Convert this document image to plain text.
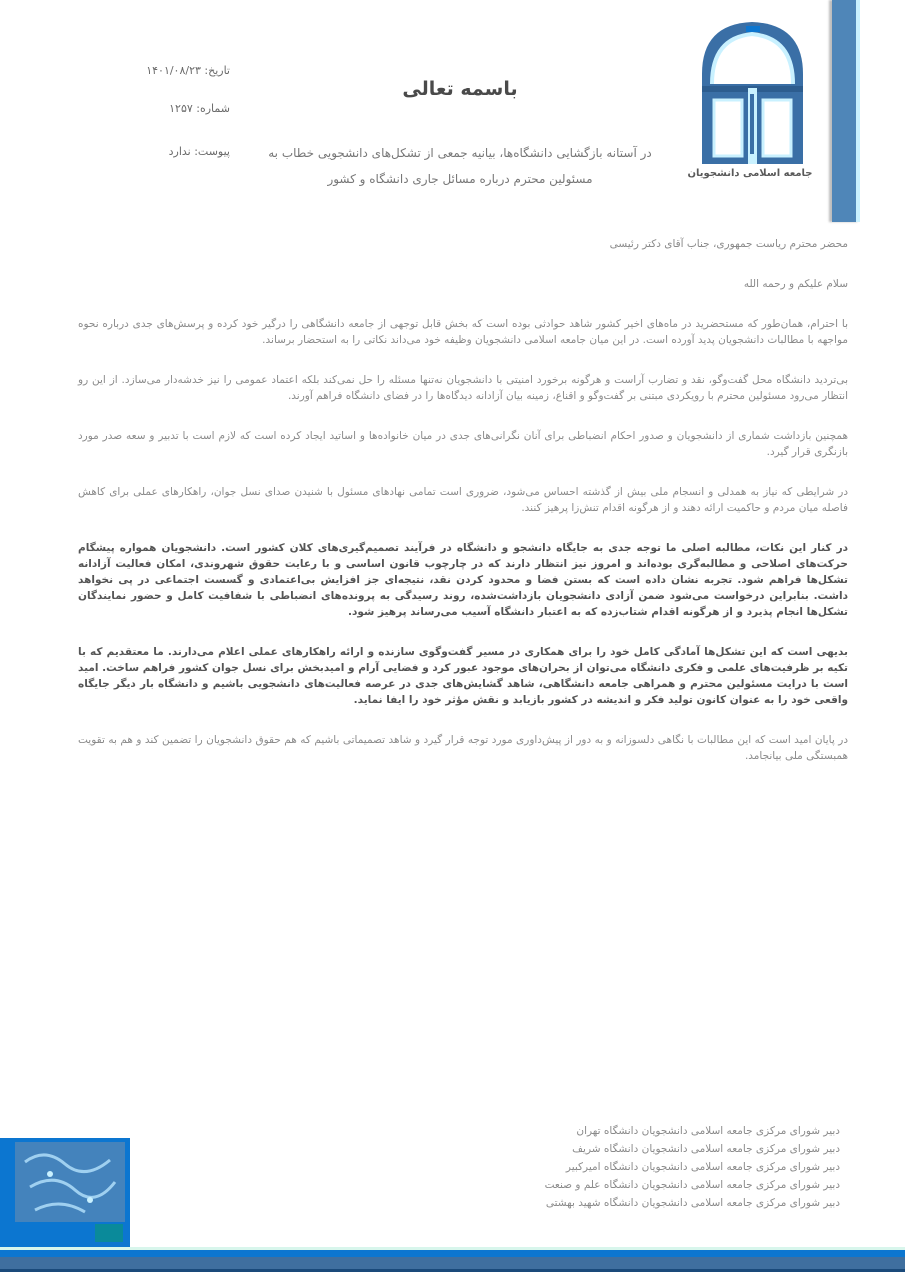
جامعه اسلامی دانشجویان
باسمه تعالی
تاریخ: ۱۴۰۱/۰۸/۲۳
شماره: ۱۲۵۷
پیوست: ندارد	در آستانه بازگشایی دانشگاه‌ها، بیانیه جمعی از تشکل‌های دانشجویی خطاب به
مسئولین محترم درباره مسائل جاری دانشگاه و کشور

محضر محترم ریاست جمهوری، جناب آقای دکتر رئیسی

سلام علیکم و رحمه الله

با احترام، همان‌طور که مستحضرید در ماه‌های اخیر کشور شاهد حوادثی بوده است که بخش قابل توجهی از جامعه دانشگاهی را درگیر خود کرده و پرسش‌های جدی درباره نحوه مواجهه با مطالبات دانشجویان پدید آورده است. در این میان جامعه اسلامی دانشجویان وظیفه خود می‌داند نکاتی را به استحضار برساند.

بی‌تردید دانشگاه محل گفت‌وگو، نقد و تضارب آراست و هرگونه برخورد امنیتی با دانشجویان نه‌تنها مسئله را حل نمی‌کند بلکه اعتماد عمومی را نیز خدشه‌دار می‌سازد. از این رو انتظار می‌رود مسئولین محترم با رویکردی مبتنی بر گفت‌وگو و اقناع، زمینه بیان آزادانه دیدگاه‌ها را در فضای دانشگاه فراهم آورند.

همچنین بازداشت شماری از دانشجویان و صدور احکام انضباطی برای آنان نگرانی‌های جدی در میان خانواده‌ها و اساتید ایجاد کرده است که لازم است با تدبیر و سعه صدر مورد بازنگری قرار گیرد.

در شرایطی که نیاز به همدلی و انسجام ملی بیش از گذشته احساس می‌شود، ضروری است تمامی نهادهای مسئول با شنیدن صدای نسل جوان، راهکارهای عملی برای کاهش فاصله میان مردم و حاکمیت ارائه دهند و از هرگونه اقدام تنش‌زا پرهیز کنند.

در کنار این نکات، مطالبه اصلی ما توجه جدی به جایگاه دانشجو و دانشگاه در فرآیند تصمیم‌گیری‌های کلان کشور است. دانشجویان همواره پیشگام حرکت‌های اصلاحی و مطالبه‌گری بوده‌اند و امروز نیز انتظار دارند که در چارچوب قانون اساسی و با رعایت حقوق شهروندی، امکان فعالیت آزادانه تشکل‌ها فراهم شود. تجربه نشان داده است که بستن فضا و محدود کردن نقد، نتیجه‌ای جز افزایش بی‌اعتمادی و گسست اجتماعی در پی نخواهد داشت. بنابراین درخواست می‌شود ضمن آزادی دانشجویان بازداشت‌شده، روند رسیدگی به پرونده‌های انضباطی با شفافیت کامل و حضور نمایندگان تشکل‌ها انجام پذیرد و از هرگونه اقدام شتاب‌زده که به اعتبار دانشگاه آسیب می‌رساند پرهیز شود.

بدیهی است که این تشکل‌ها آمادگی کامل خود را برای همکاری در مسیر گفت‌وگوی سازنده و ارائه راهکارهای عملی اعلام می‌دارند. ما معتقدیم که با تکیه بر ظرفیت‌های علمی و فکری دانشگاه می‌توان از بحران‌های موجود عبور کرد و فضایی آرام و امیدبخش برای نسل جوان کشور فراهم ساخت. امید است با درایت مسئولین محترم و همراهی جامعه دانشگاهی، شاهد گشایش‌های جدی در عرصه فعالیت‌های دانشجویی باشیم و دانشگاه بار دیگر جایگاه واقعی خود را به عنوان کانون تولید فکر و اندیشه در کشور بازیابد و نقش مؤثر خود را ایفا نماید.

در پایان امید است که این مطالبات با نگاهی دلسوزانه و به دور از پیش‌داوری مورد توجه قرار گیرد و شاهد تصمیماتی باشیم که هم حقوق دانشجویان را تضمین کند و هم به تقویت همبستگی ملی بیانجامد.

دبیر شورای مرکزی جامعه اسلامی دانشجویان دانشگاه تهران
دبیر شورای مرکزی جامعه اسلامی دانشجویان دانشگاه شریف
دبیر شورای مرکزی جامعه اسلامی دانشجویان دانشگاه امیرکبیر
دبیر شورای مرکزی جامعه اسلامی دانشجویان دانشگاه علم و صنعت
دبیر شورای مرکزی جامعه اسلامی دانشجویان دانشگاه شهید بهشتی
